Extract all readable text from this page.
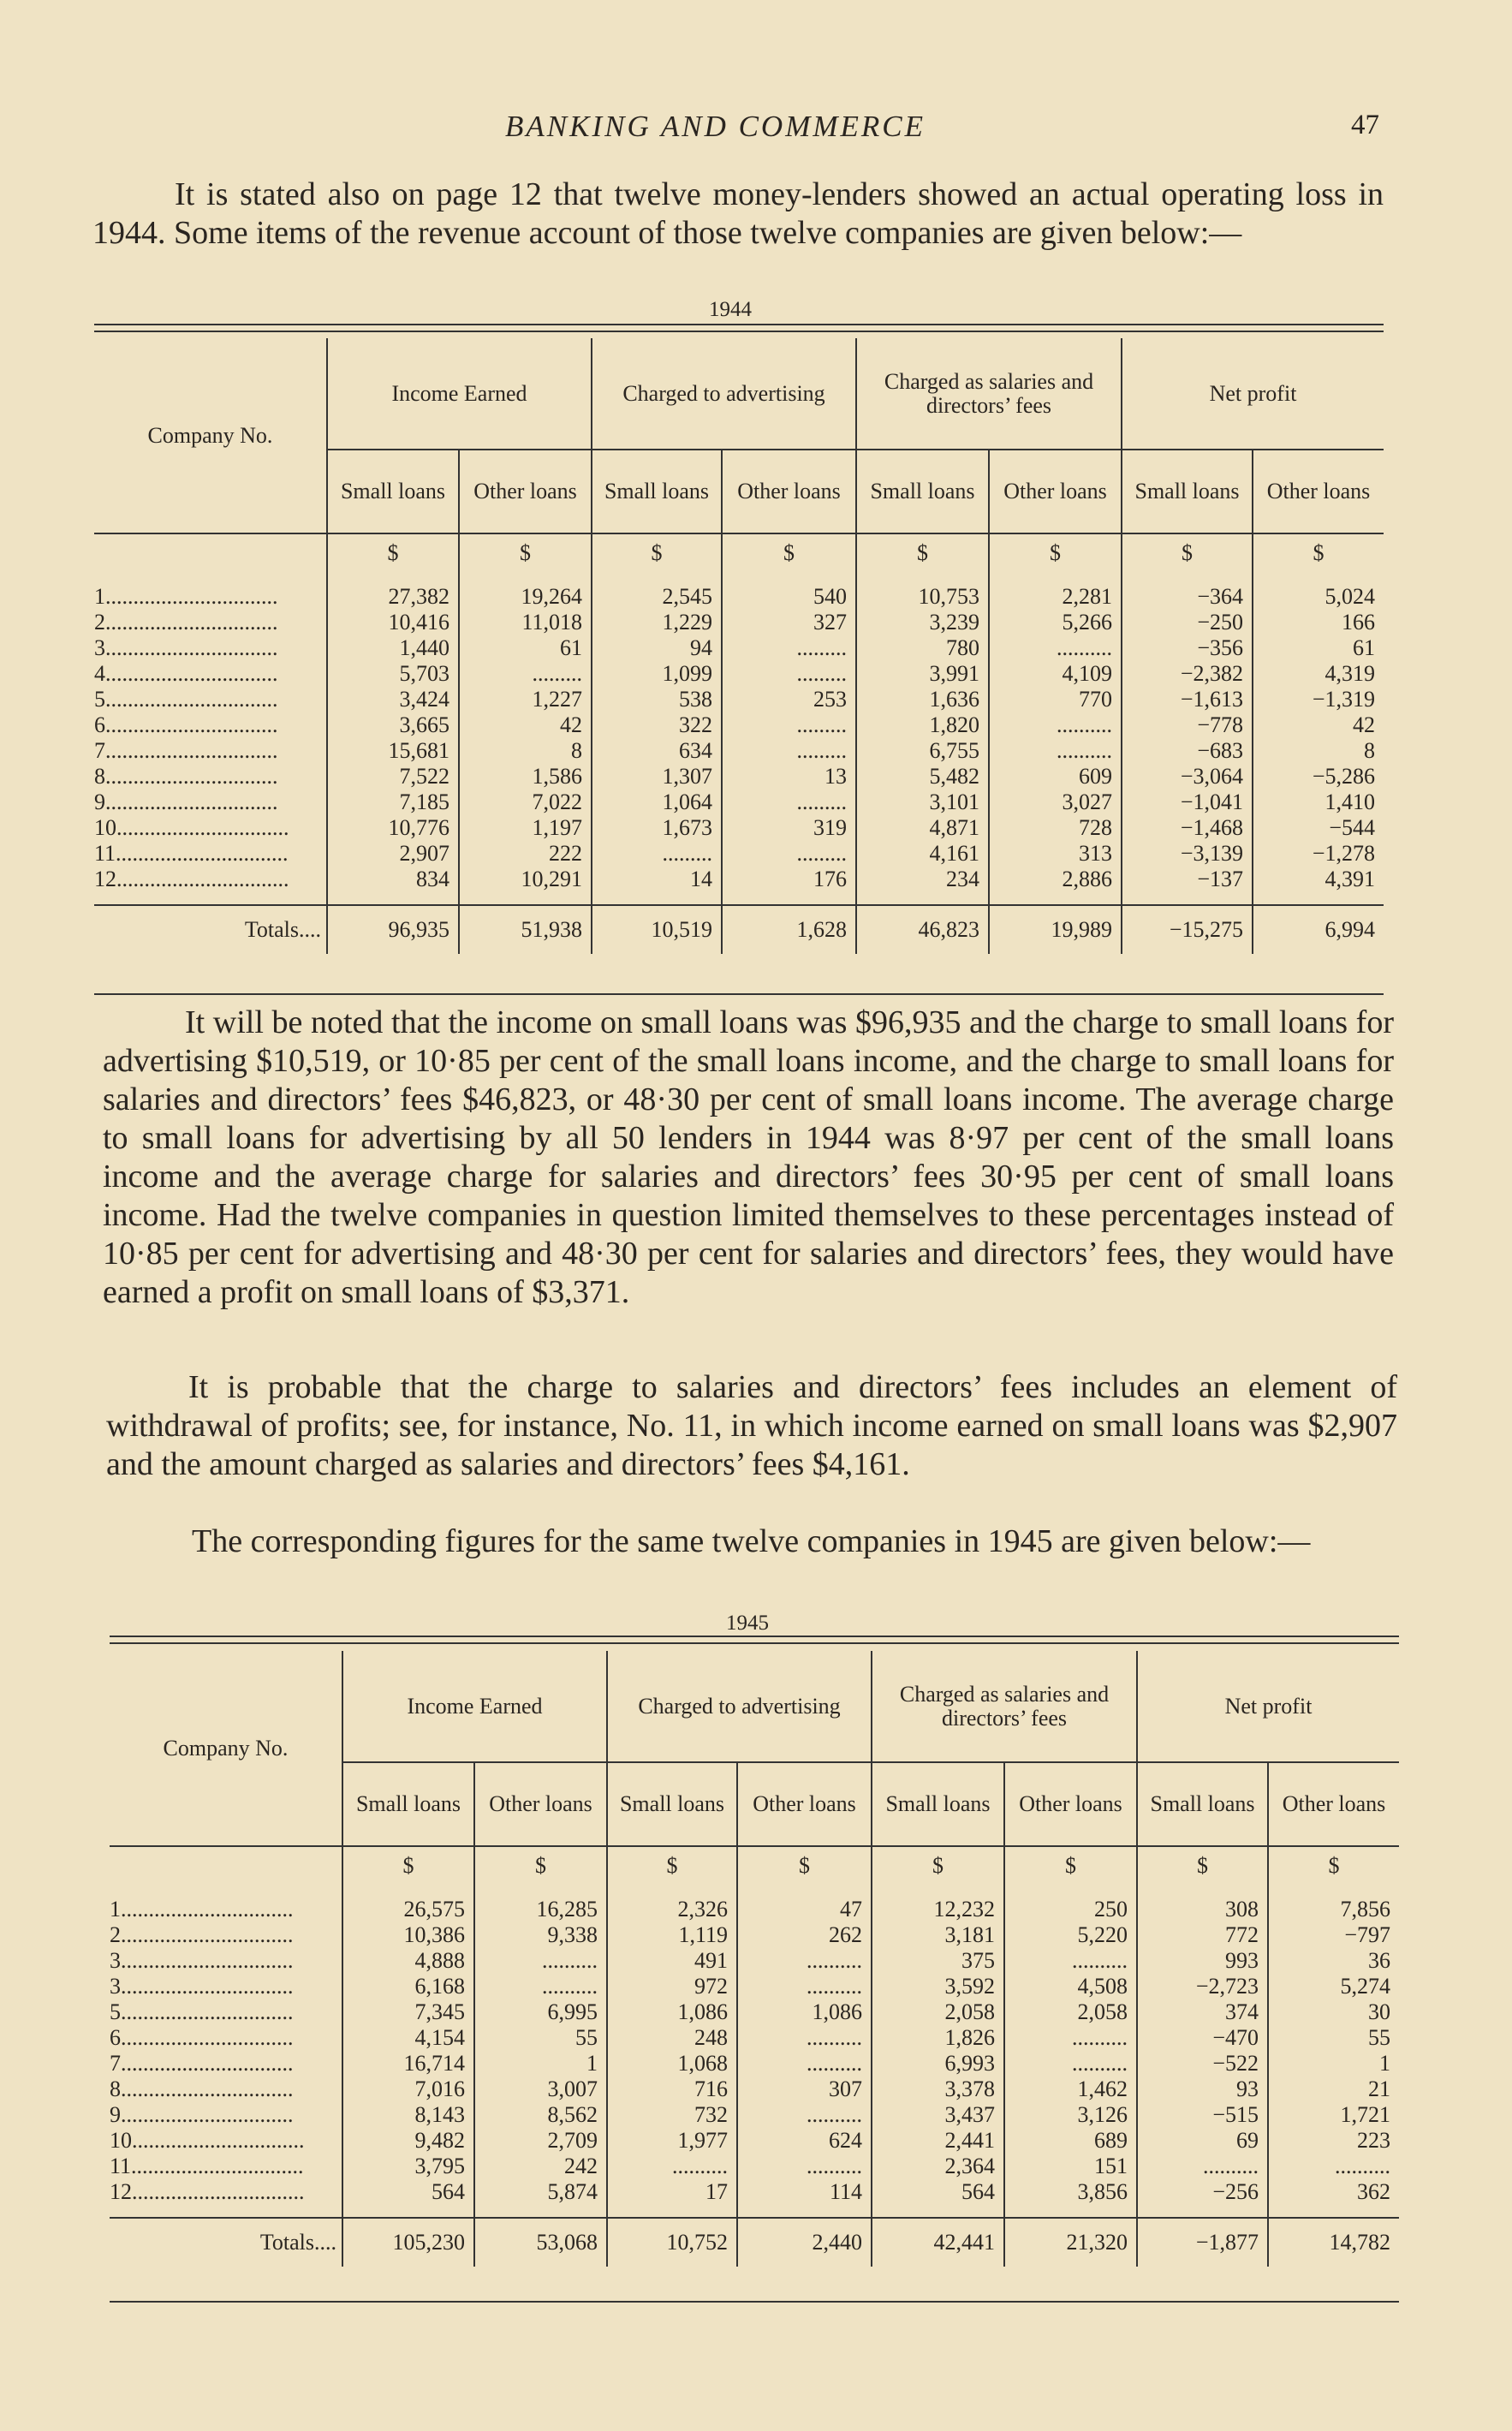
BANKING AND COMMERCE	47

It is stated also on page 12 that twelve money-lenders showed an actual operating loss in 1944. Some items of the revenue account of those twelve companies are given below:—

1944
Company No.	Income Earned		Charged to advertising		Charged as salaries and directors’ fees		Net profit	
	Small loans	Other loans	Small loans	Other loans	Small loans	Other loans	Small loans	Other loans
	$	$	$	$	$	$	$	$

1...............................	27,382	19,264	2,545	540	10,753	2,281	−364	5,024
2...............................	10,416	11,018	1,229	327	3,239	5,266	−250	166
3...............................	1,440	61	94	.........	780	..........	−356	61
4...............................	5,703	.........	1,099	.........	3,991	4,109	−2,382	4,319
5...............................	3,424	1,227	538	253	1,636	770	−1,613	−1,319
6...............................	3,665	42	322	.........	1,820	..........	−778	42
7...............................	15,681	8	634	.........	6,755	..........	−683	8
8...............................	7,522	1,586	1,307	13	5,482	609	−3,064	−5,286
9...............................	7,185	7,022	1,064	.........	3,101	3,027	−1,041	1,410
10...............................	10,776	1,197	1,673	319	4,871	728	−1,468	−544
11...............................	2,907	222	.........	.........	4,161	313	−3,139	−1,278
12...............................	834	10,291	14	176	234	2,886	−137	4,391

Totals....	96,935	51,938	10,519	1,628	46,823	19,989	−15,275	6,994

It will be noted that the income on small loans was $96,935 and the charge to small loans for advertising $10,519, or 10·85 per cent of the small loans income, and the charge to small loans for salaries and directors’ fees $46,823, or 48·30 per cent of small loans income. The average charge to small loans for advertising by all 50 lenders in 1944 was 8·97 per cent of the small loans income and the average charge for salaries and directors’ fees 30·95 per cent of small loans income. Had the twelve companies in question limited themselves to these percentages instead of 10·85 per cent for advertising and 48·30 per cent for salaries and directors’ fees, they would have earned a profit on small loans of $3,371.

It is probable that the charge to salaries and directors’ fees includes an element of withdrawal of profits; see, for instance, No. 11, in which income earned on small loans was $2,907 and the amount charged as salaries and directors’ fees $4,161.

The corresponding figures for the same twelve companies in 1945 are given below:—

1945
Company No.	Income Earned		Charged to advertising		Charged as salaries and directors’ fees		Net profit	
	Small loans	Other loans	Small loans	Other loans	Small loans	Other loans	Small loans	Other loans
	$	$	$	$	$	$	$	$

1...............................	26,575	16,285	2,326	47	12,232	250	308	7,856
2...............................	10,386	9,338	1,119	262	3,181	5,220	772	−797
3...............................	4,888	..........	491	..........	375	..........	993	36
3...............................	6,168	..........	972	..........	3,592	4,508	−2,723	5,274
5...............................	7,345	6,995	1,086	1,086	2,058	2,058	374	30
6...............................	4,154	55	248	..........	1,826	..........	−470	55
7...............................	16,714	1	1,068	..........	6,993	..........	−522	1
8...............................	7,016	3,007	716	307	3,378	1,462	93	21
9...............................	8,143	8,562	732	..........	3,437	3,126	−515	1,721
10...............................	9,482	2,709	1,977	624	2,441	689	69	223
11...............................	3,795	242	..........	..........	2,364	151	..........	..........
12...............................	564	5,874	17	114	564	3,856	−256	362

Totals....	105,230	53,068	10,752	2,440	42,441	21,320	−1,877	14,782
